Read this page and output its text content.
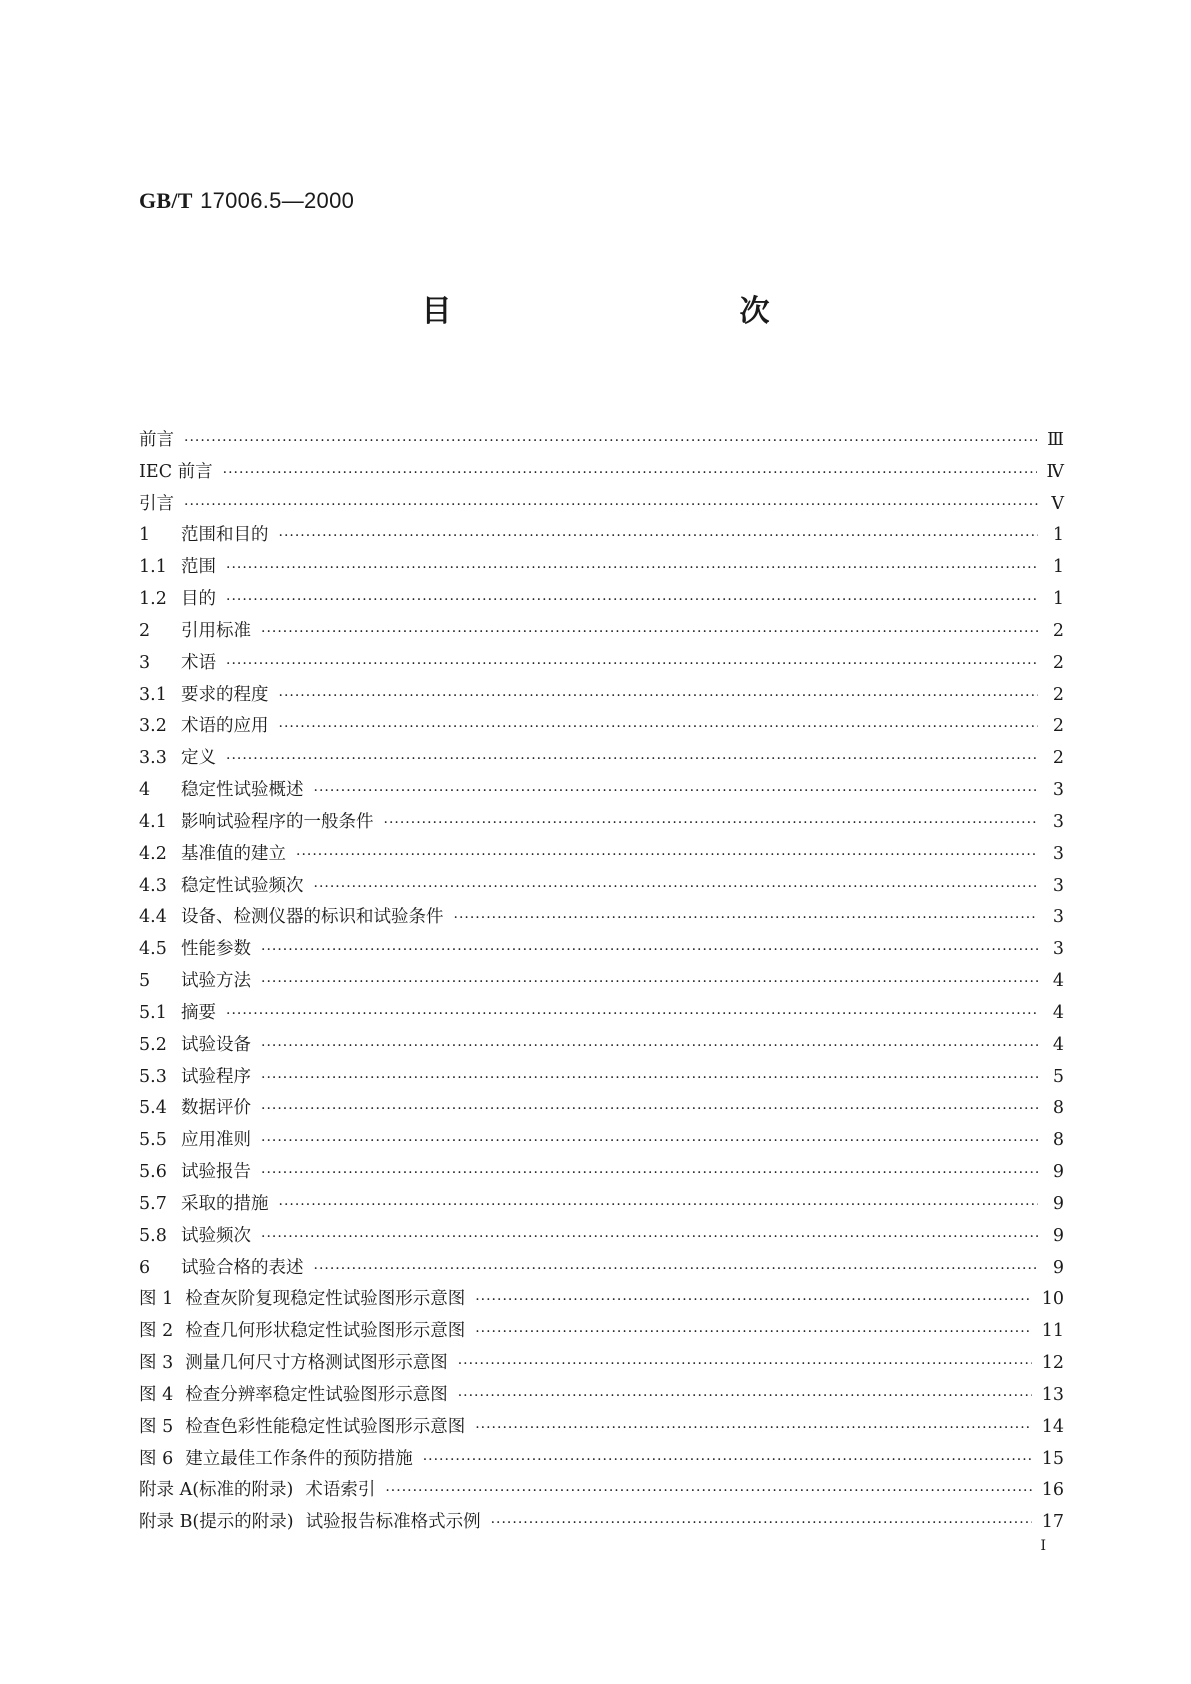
GB/T 17006.5—2000
目　　次
前言 ·····	Ⅲ
IEC 前言 ·····	Ⅳ
引言 ·····	Ⅴ
1	范围和目的 ·····	1
1.1 范围 ·····	1
1.2 目的 ·····	1
2	引用标准 ·····	2
3	术语 ·····	2
3.1 要求的程度 ·····	2
3.2 术语的应用 ·····	2
3.3 定义 ·····	2
4	稳定性试验概述 ·····	3
4.1 影响试验程序的一般条件 ·····	3
4.2 基准值的建立 ·····	3
4.3 稳定性试验频次 ·····	3
4.4 设备、检测仪器的标识和试验条件 ·····	3
4.5 性能参数 ·····	3
5	试验方法 ·····	4
5.1 摘要 ·····	4
5.2 试验设备 ·····	4
5.3 试验程序 ·····	5
5.4 数据评价 ·····	8
5.5 应用准则 ·····	8
5.6 试验报告 ·····	9
5.7 采取的措施 ·····	9
5.8 试验频次 ·····	9
6	试验合格的表述 ·····	9
图 1 检查灰阶复现稳定性试验图形示意图 ·····	10
图 2 检查几何形状稳定性试验图形示意图 ·····	11
图 3 测量几何尺寸方格测试图形示意图 ·····	12
图 4 检查分辨率稳定性试验图形示意图 ·····	13
图 5 检查色彩性能稳定性试验图形示意图 ·····	14
图 6 建立最佳工作条件的预防措施 ·····	15
附录 A(标准的附录) 术语索引 ·····	16
附录 B(提示的附录) 试验报告标准格式示例 ·····	17
Ⅰ
